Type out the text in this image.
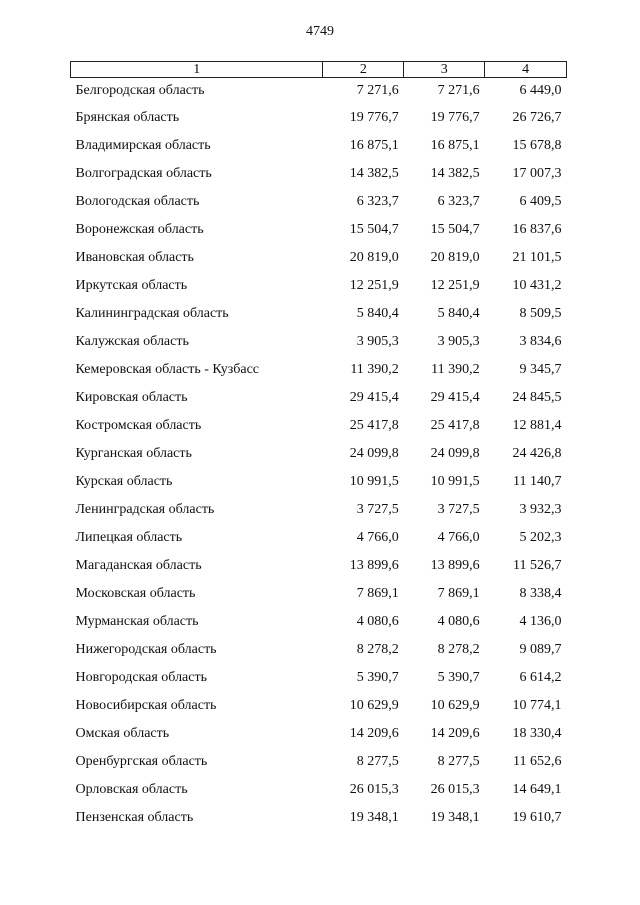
4749
1	2	3	4
Белгородская область	7 271,6	7 271,6	6 449,0
Брянская область	19 776,7	19 776,7	26 726,7
Владимирская область	16 875,1	16 875,1	15 678,8
Волгоградская область	14 382,5	14 382,5	17 007,3
Вологодская область	6 323,7	6 323,7	6 409,5
Воронежская область	15 504,7	15 504,7	16 837,6
Ивановская область	20 819,0	20 819,0	21 101,5
Иркутская область	12 251,9	12 251,9	10 431,2
Калининградская область	5 840,4	5 840,4	8 509,5
Калужская область	3 905,3	3 905,3	3 834,6
Кемеровская область - Кузбасс	11 390,2	11 390,2	9 345,7
Кировская область	29 415,4	29 415,4	24 845,5
Костромская область	25 417,8	25 417,8	12 881,4
Курганская область	24 099,8	24 099,8	24 426,8
Курская область	10 991,5	10 991,5	11 140,7
Ленинградская область	3 727,5	3 727,5	3 932,3
Липецкая область	4 766,0	4 766,0	5 202,3
Магаданская область	13 899,6	13 899,6	11 526,7
Московская область	7 869,1	7 869,1	8 338,4
Мурманская область	4 080,6	4 080,6	4 136,0
Нижегородская область	8 278,2	8 278,2	9 089,7
Новгородская область	5 390,7	5 390,7	6 614,2
Новосибирская область	10 629,9	10 629,9	10 774,1
Омская область	14 209,6	14 209,6	18 330,4
Оренбургская область	8 277,5	8 277,5	11 652,6
Орловская область	26 015,3	26 015,3	14 649,1
Пензенская область	19 348,1	19 348,1	19 610,7
